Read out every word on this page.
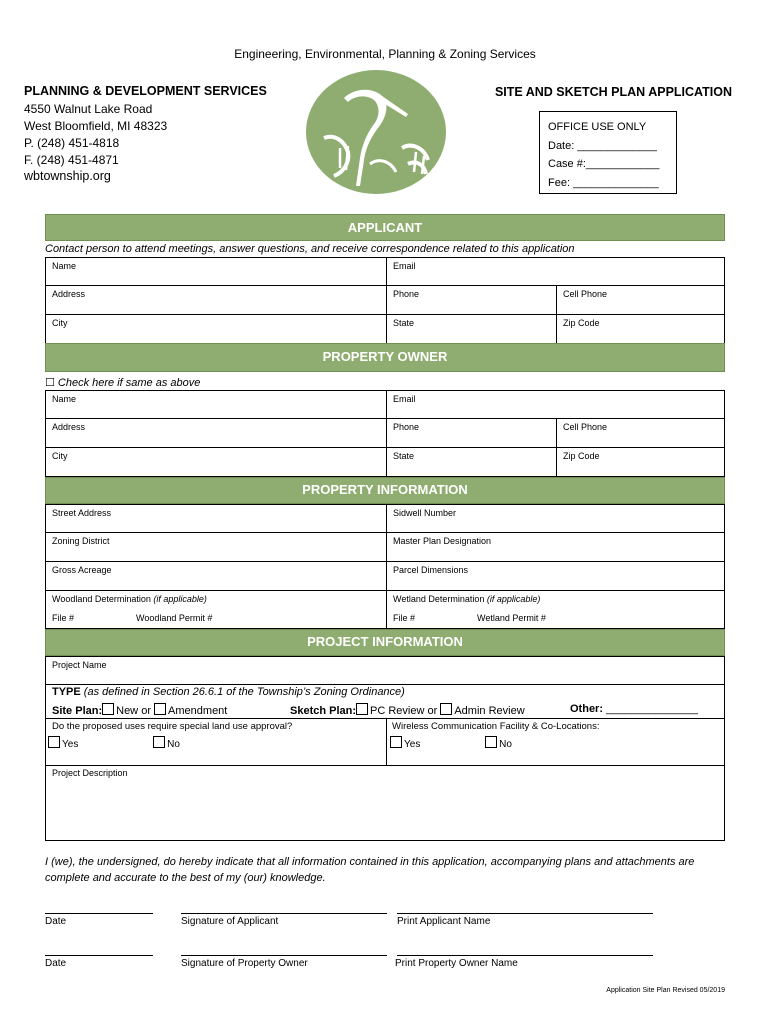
Engineering, Environmental, Planning & Zoning Services
PLANNING & DEVELOPMENT SERVICES
4550 Walnut Lake Road
West Bloomfield, MI 48323
P. (248) 451-4818
F. (248) 451-4871
wbtownship.org
SITE AND SKETCH PLAN APPLICATION
OFFICE USE ONLY
Date: _____________
Case #:____________
Fee: ______________
APPLICANT
Contact person to attend meetings, answer questions, and receive correspondence related to this application
Name	Email
Address	Phone	Cell Phone
City	State	Zip Code
PROPERTY OWNER
☐ Check here if same as above
Name	Email
Address	Phone	Cell Phone
City	State	Zip Code
PROPERTY INFORMATION
Street Address	Sidwell Number
Zoning District	Master Plan Designation
Gross Acreage	Parcel Dimensions
Woodland Determination (if applicable)
File #	Woodland Permit #
Wetland Determination (if applicable)
File #	Wetland Permit #
PROJECT INFORMATION
Project Name
TYPE (as defined in Section 26.6.1 of the Township’s Zoning Ordinance)
Site Plan: New or Amendment	Sketch Plan: PC Review or Admin Review	Other: _______________
Do the proposed uses require special land use approval?
Yes	No
Wireless Communication Facility & Co-Locations:
Yes	No
Project Description
I (we), the undersigned, do hereby indicate that all information contained in this application, accompanying plans and attachments are complete and accurate to the best of my (our) knowledge.
Date	Signature of Applicant	Print Applicant Name
Date	Signature of Property Owner	Print Property Owner Name
Application Site Plan Revised 05/2019
